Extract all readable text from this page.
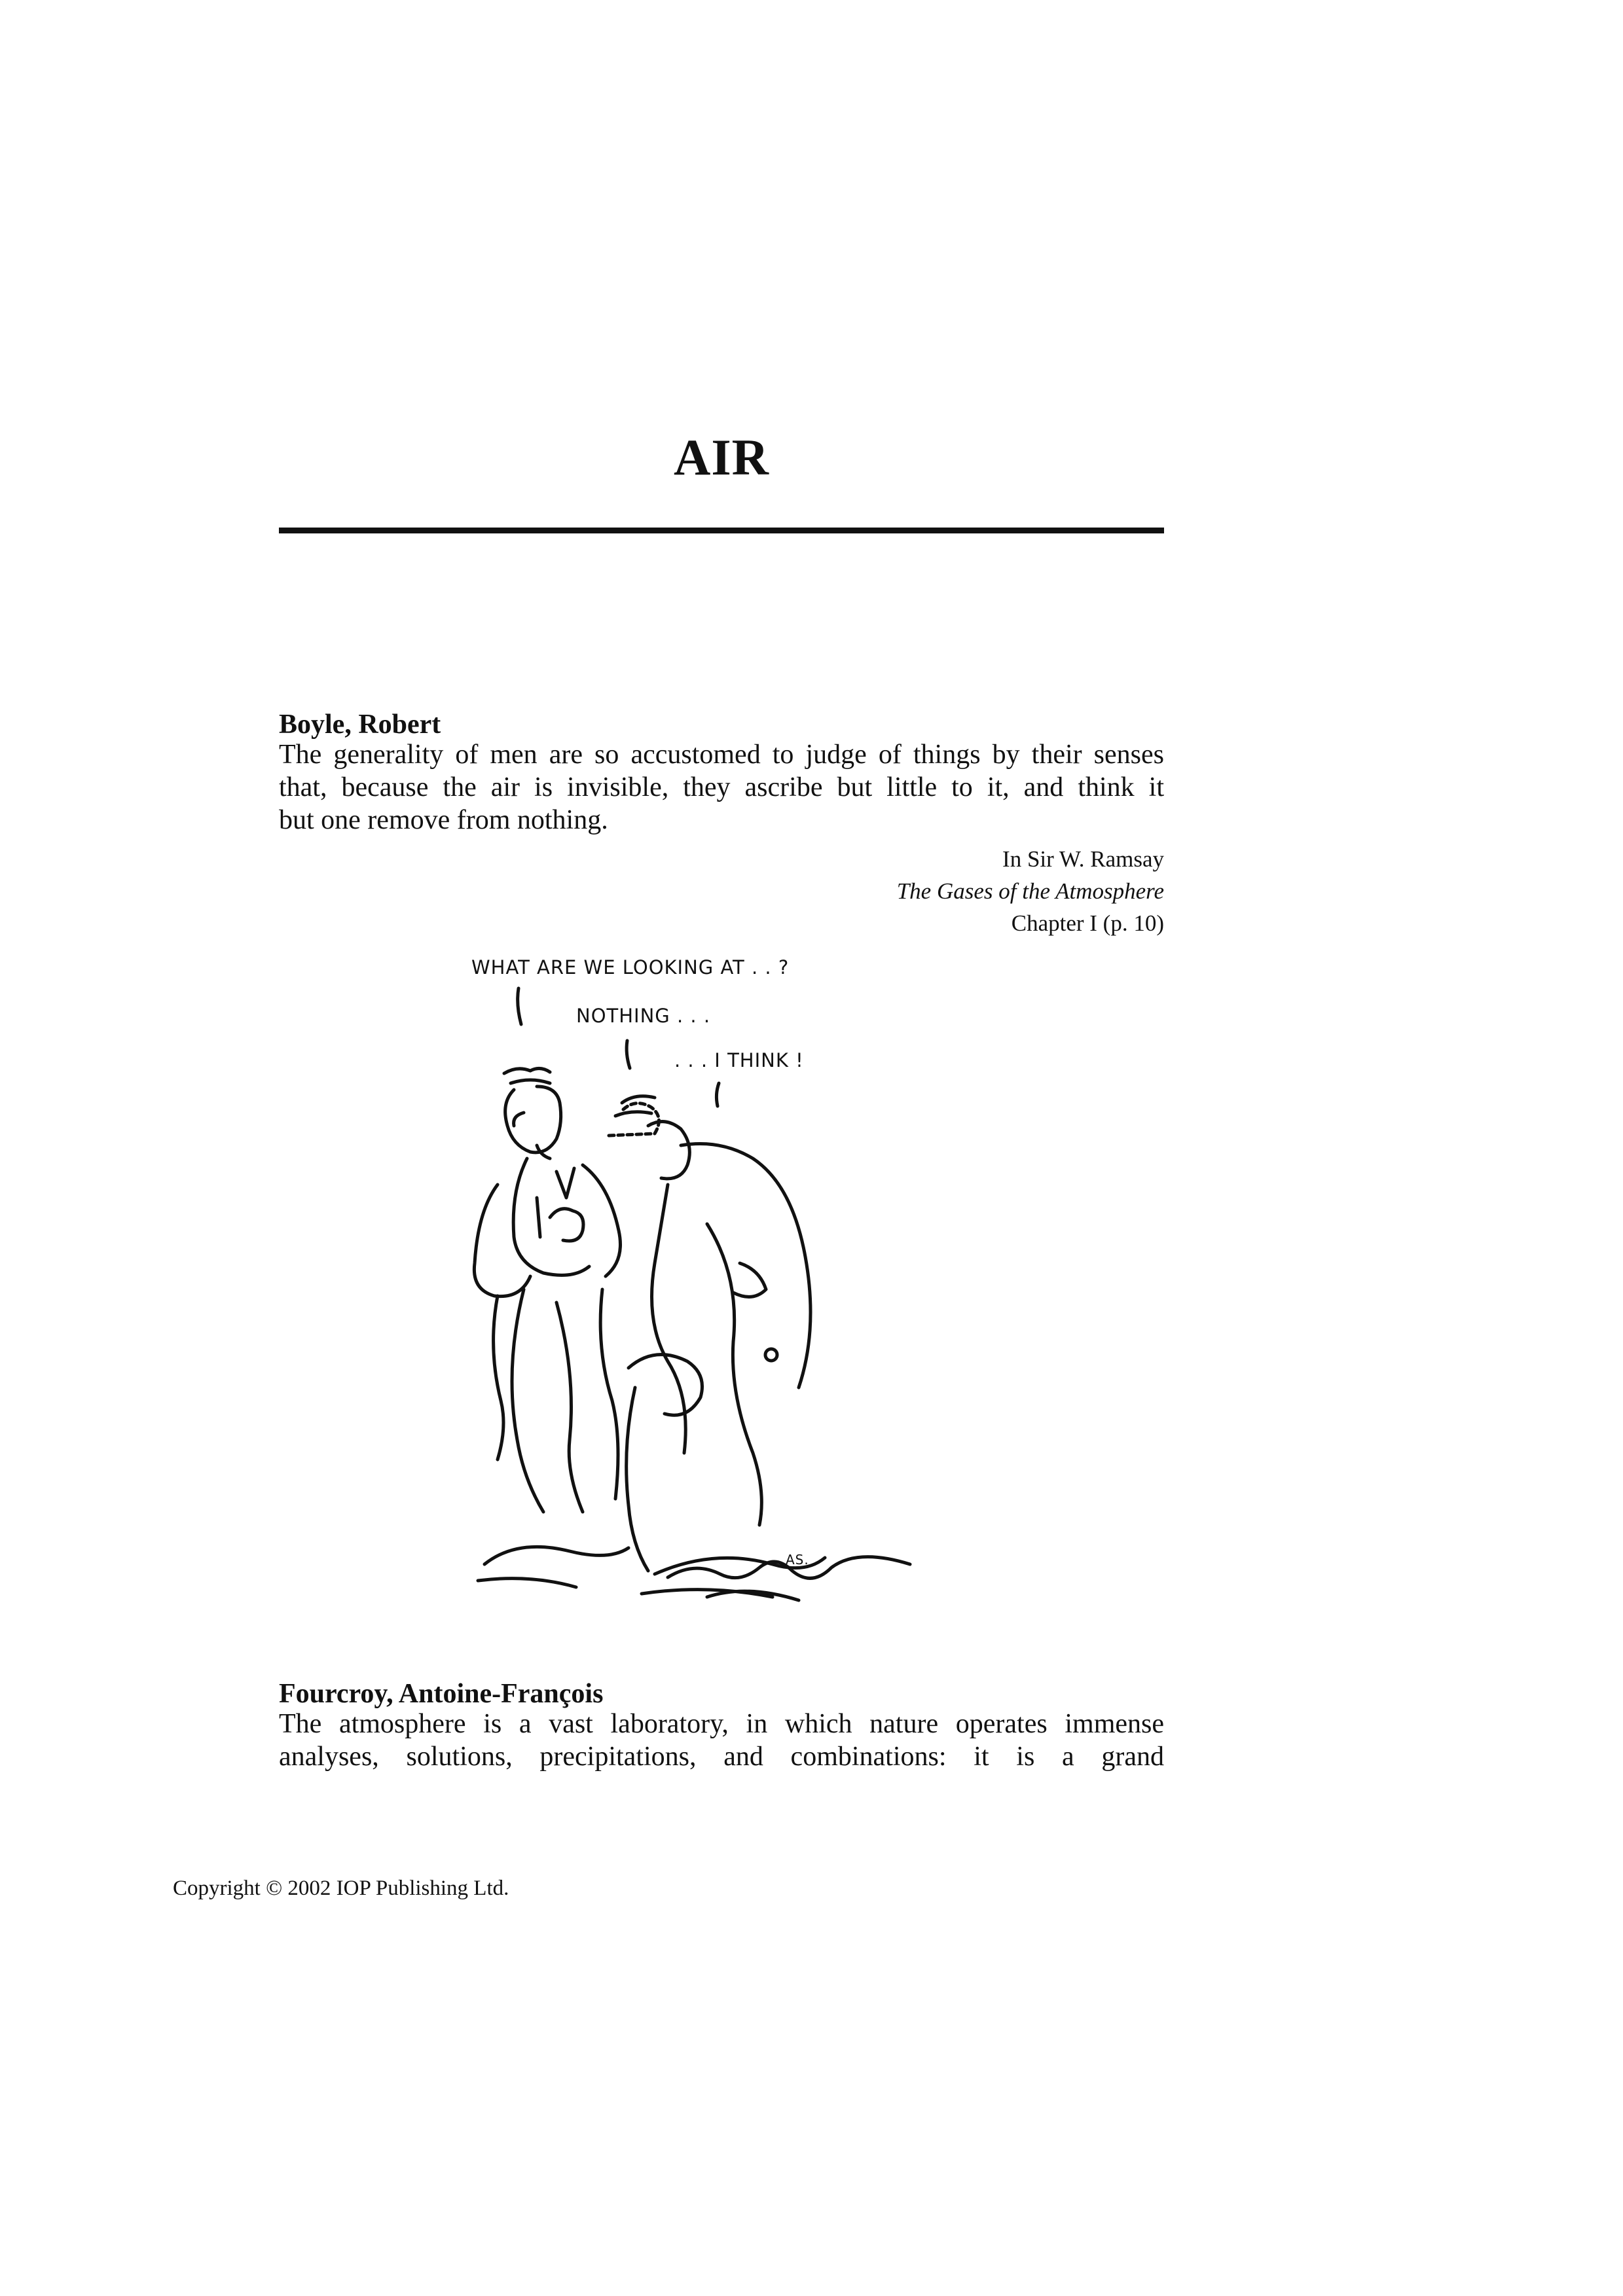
AIR
Boyle, Robert
The generality of men are so accustomed to judge of things by their senses
that, because the air is invisible, they ascribe but little to it, and think it
but one remove from nothing.
In Sir W. Ramsay
The Gases of the Atmosphere
Chapter I (p. 10)
WHAT ARE WE LOOKING AT . . ?
NOTHING . . .
. . . I THINK !
AS.
Fourcroy, Antoine-François
The atmosphere is a vast laboratory, in which nature operates immense
analyses, solutions, precipitations, and combinations: it is a grand
Copyright © 2002 IOP Publishing Ltd.
